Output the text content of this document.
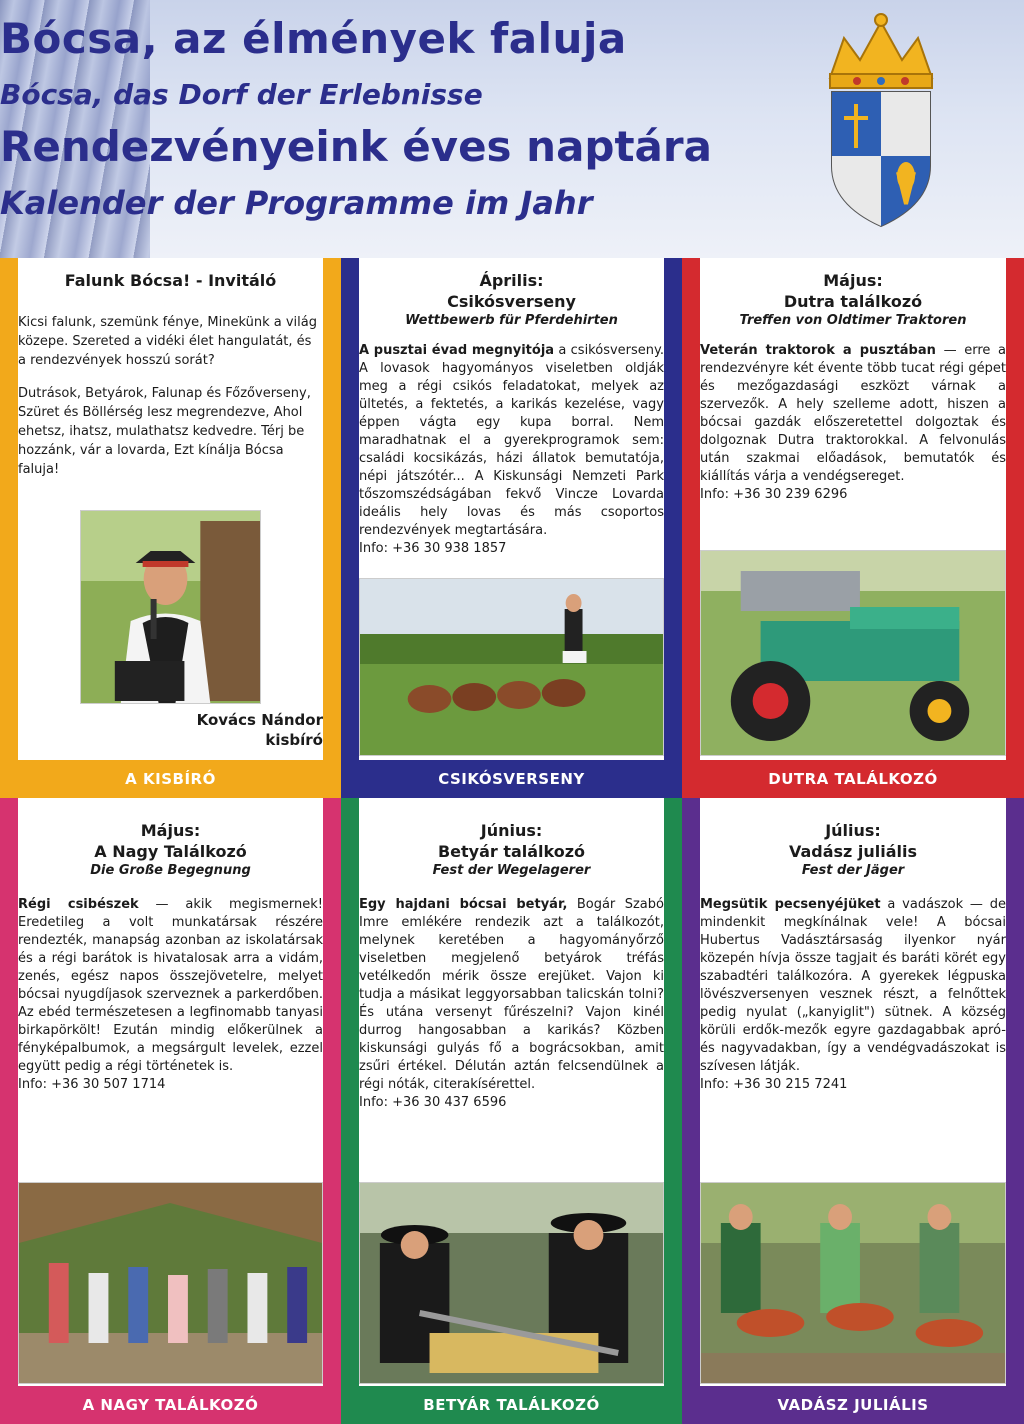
Bócsa, az élmények faluja
Bócsa, das Dorf der Erlebnisse
Rendezvényeink éves naptára
Kalender der Programme im Jahr
Falunk Bócsa! - Invitáló

Kicsi falunk, szemünk fénye, Minekünk a világ közepe. Szereted a vidéki élet hangulatát, és a rendezvények hosszú sorát?

Dutrások, Betyárok, Falunap és Főzőverseny, Szüret és Böllérség lesz megrendezve, Ahol ehetsz, ihatsz, mulathatsz kedvedre. Térj be hozzánk, vár a lovarda, Ezt kínálja Bócsa faluja!

Kovács Nándor
kisbíró
A KISBÍRÓ
Április:
Csikósverseny
Wettbewerb für Pferdehirten
A pusztai évad megnyitója a csikósverseny. A lovasok hagyományos viseletben oldják meg a régi csikós feladatokat, melyek az ültetés, a fektetés, a karikás kezelése, vagy éppen vágta egy kupa borral. Nem maradhatnak el a gyerekprogramok sem: családi kocsikázás, házi állatok bemutatója, népi játszótér... A Kiskunsági Nemzeti Park tőszomszédságában fekvő Vincze Lovarda ideális hely lovas és más csoportos rendezvények megtartására.
Info: +36 30 938 1857
CSIKÓSVERSENY
Május:
Dutra találkozó
Treffen von Oldtimer Traktoren
Veterán traktorok a pusztában — erre a rendezvényre két évente több tucat régi gépet és mezőgazdasági eszközt várnak a szervezők. A hely szelleme adott, hiszen a bócsai gazdák előszeretettel dolgoztak és dolgoznak Dutra traktorokkal. A felvonulás után szakmai előadások, bemutatók és kiállítás várja a vendégsereget.
Info: +36 30 239 6296
DUTRA TALÁLKOZÓ
Május:
A Nagy Találkozó
Die Große Begegnung
Régi csibészek — akik megismernek! Eredetileg a volt munkatársak részére rendezték, manapság azonban az iskolatársak és a régi barátok is hivatalosak arra a vidám, zenés, egész napos összejövetelre, melyet bócsai nyugdíjasok szerveznek a parkerdőben. Az ebéd természetesen a legfinomabb tanyasi birkapörkölt! Ezután mindig előkerülnek a fényképalbumok, a megsárgult levelek, ezzel együtt pedig a régi történetek is.
Info: +36 30 507 1714
A NAGY TALÁLKOZÓ
Június:
Betyár találkozó
Fest der Wegelagerer
Egy hajdani bócsai betyár, Bogár Szabó Imre emlékére rendezik azt a találkozót, melynek keretében a hagyományőrző viseletben megjelenő betyárok tréfás vetélkedőn mérik össze erejüket. Vajon ki tudja a másikat leggyorsabban talicskán tolni? És utána versenyt fűrészelni? Vajon kinél durrog hangosabban a karikás? Közben kiskunsági gulyás fő a bográcsokban, amit zsűri értékel. Délután aztán felcsendülnek a régi nóták, citerakísérettel.
Info: +36 30 437 6596
BETYÁR TALÁLKOZÓ
Július:
Vadász juliális
Fest der Jäger
Megsütik pecsenyéjüket a vadászok — de mindenkit megkínálnak vele! A bócsai Hubertus Vadásztársaság ilyenkor nyár közepén hívja össze tagjait és baráti körét egy szabadtéri találkozóra. A gyerekek légpuska lövészversenyen vesznek részt, a felnőttek pedig nyulat („kanyiglit") sütnek. A község körüli erdők-mezők egyre gazdagabbak apró- és nagyvadakban, így a vendégvadászokat is szívesen látják.
Info: +36 30 215 7241
VADÁSZ JULIÁLIS
